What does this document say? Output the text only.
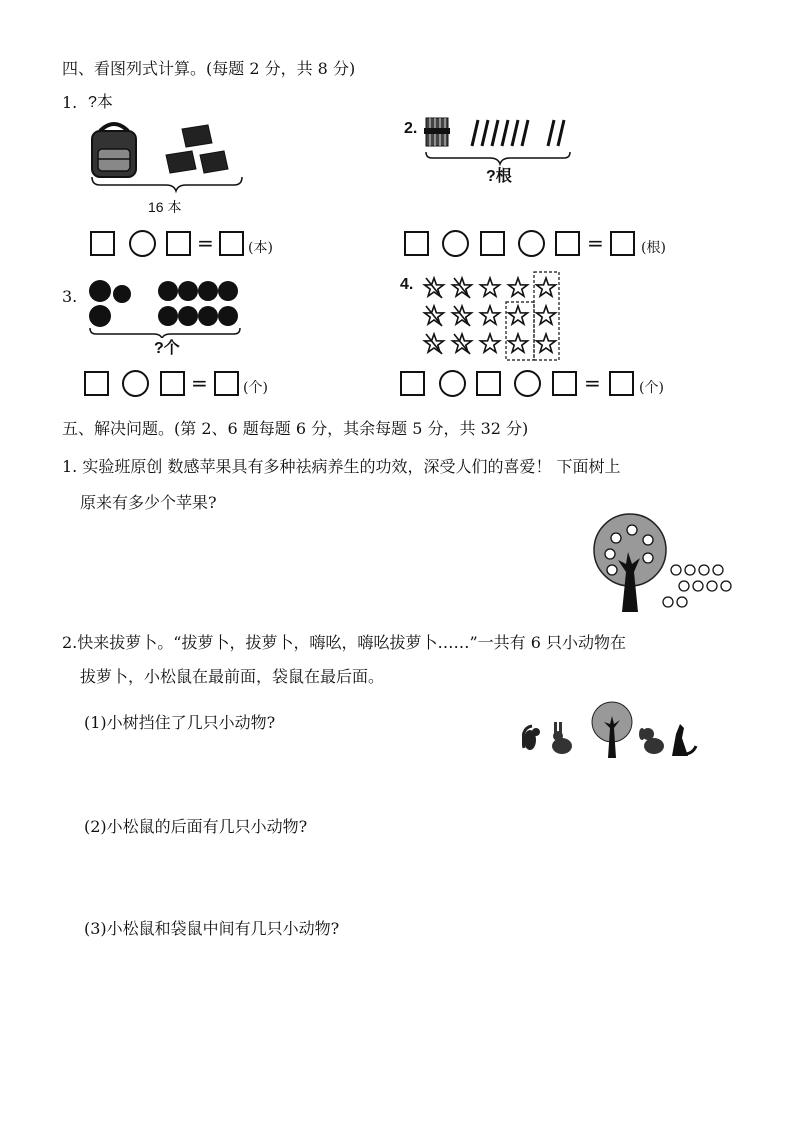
四、看图列式计算。(每题 2 分，共 8 分)
1. ?本
16 本
= (本)
2.
?根
=	(根)
3.
?个
=	(个)
4.
=	(个)
五、解决问题。(第 2、6 题每题 6 分，其余每题 5 分，共 32 分)
1. 实验班原创 数感苹果具有多种祛病养生的功效，深受人们的喜爱！ 下面树上
原来有多少个苹果?
2.快来拔萝卜。“拔萝卜，拔萝卜，嗨吆，嗨吆拔萝卜……”一共有 6 只小动物在
拔萝卜，小松鼠在最前面，袋鼠在最后面。
(1)小树挡住了几只小动物?
(2)小松鼠的后面有几只小动物?
(3)小松鼠和袋鼠中间有几只小动物?
